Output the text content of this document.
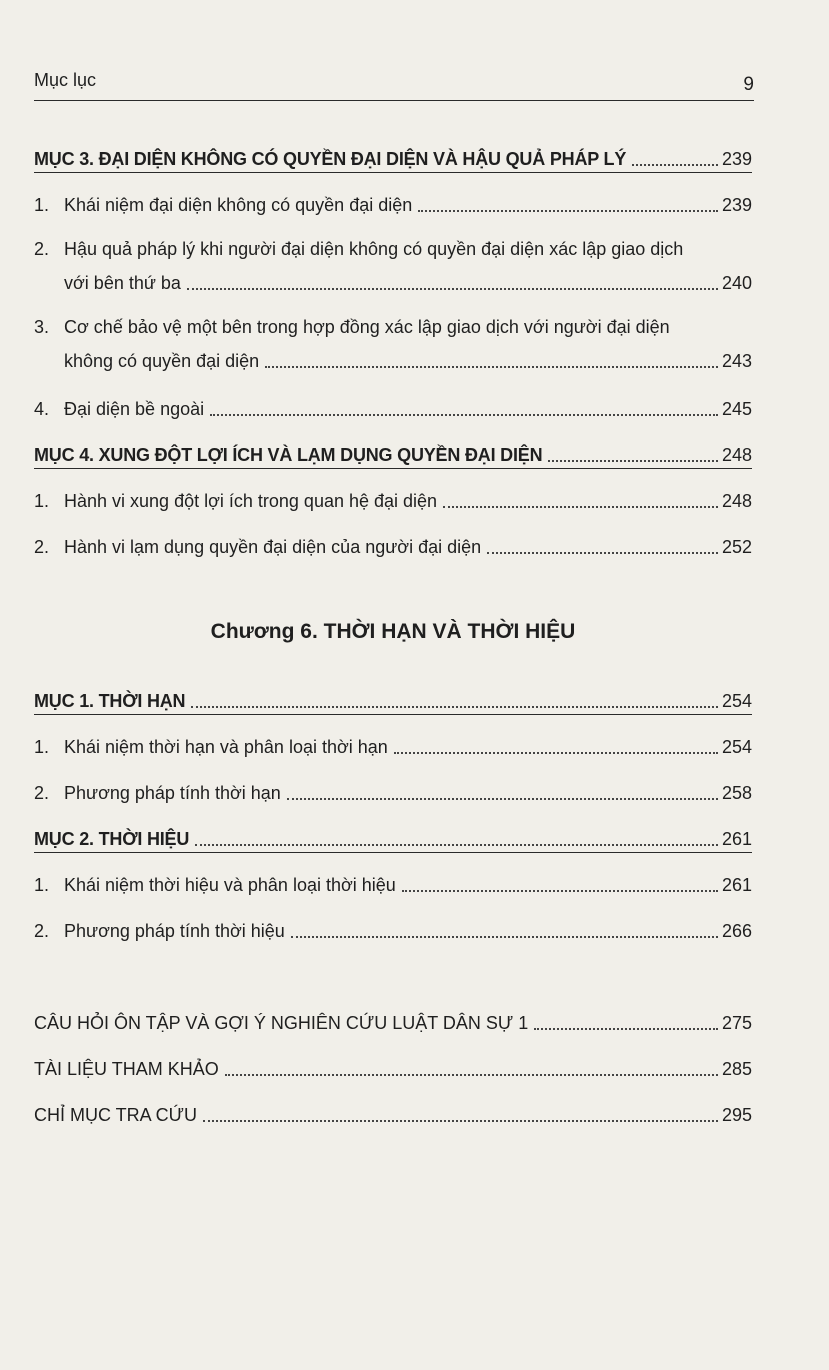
Mục lục	9
MỤC 3. ĐẠI DIỆN KHÔNG CÓ QUYỀN ĐẠI DIỆN VÀ HẬU QUẢ PHÁP LÝ	239
1. Khái niệm đại diện không có quyền đại diện	239
2. Hậu quả pháp lý khi người đại diện không có quyền đại diện xác lập giao dịch
với bên thứ ba	240
3. Cơ chế bảo vệ một bên trong hợp đồng xác lập giao dịch với người đại diện
không có quyền đại diện	243
4. Đại diện bề ngoài	245
MỤC 4. XUNG ĐỘT LỢI ÍCH VÀ LẠM DỤNG QUYỀN ĐẠI DIỆN	248
1. Hành vi xung đột lợi ích trong quan hệ đại diện	248
2. Hành vi lạm dụng quyền đại diện của người đại diện	252
Chương 6. THỜI HẠN VÀ THỜI HIỆU
MỤC 1. THỜI HẠN	254
1. Khái niệm thời hạn và phân loại thời hạn	254
2. Phương pháp tính thời hạn	258
MỤC 2. THỜI HIỆU	261
1. Khái niệm thời hiệu và phân loại thời hiệu	261
2. Phương pháp tính thời hiệu	266
CÂU HỎI ÔN TẬP VÀ GỢI Ý NGHIÊN CỨU LUẬT DÂN SỰ 1	275
TÀI LIỆU THAM KHẢO	285
CHỈ MỤC TRA CỨU	295
